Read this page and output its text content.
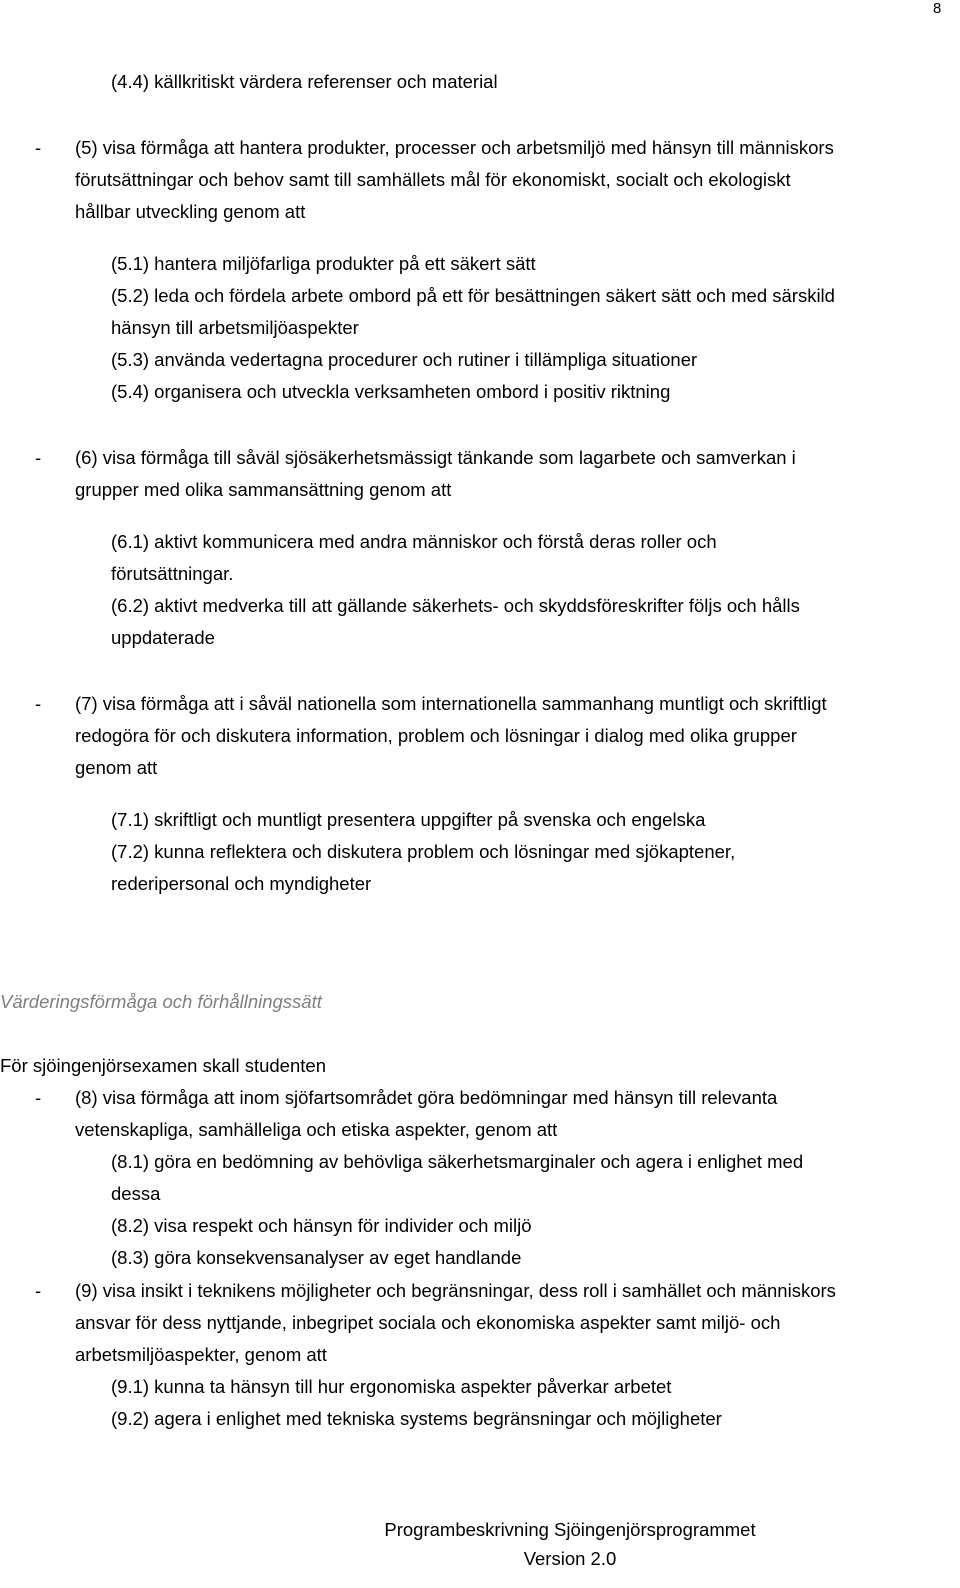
8
(4.4) källkritiskt värdera referenser och material
- (5) visa förmåga att hantera produkter, processer och arbetsmiljö med hänsyn till människors
förutsättningar och behov samt till samhällets mål för ekonomiskt, socialt och ekologiskt
hållbar utveckling genom att
(5.1) hantera miljöfarliga produkter på ett säkert sätt
(5.2) leda och fördela arbete ombord på ett för besättningen säkert sätt och med särskild
hänsyn till arbetsmiljöaspekter
(5.3) använda vedertagna procedurer och rutiner i tillämpliga situationer
(5.4) organisera och utveckla verksamheten ombord i positiv riktning
- (6) visa förmåga till såväl sjösäkerhetsmässigt tänkande som lagarbete och samverkan i
grupper med olika sammansättning genom att
(6.1) aktivt kommunicera med andra människor och förstå deras roller och
förutsättningar.
(6.2) aktivt medverka till att gällande säkerhets- och skyddsföreskrifter följs och hålls
uppdaterade
- (7) visa förmåga att i såväl nationella som internationella sammanhang muntligt och skriftligt
redogöra för och diskutera information, problem och lösningar i dialog med olika grupper
genom att
(7.1) skriftligt och muntligt presentera uppgifter på svenska och engelska
(7.2) kunna reflektera och diskutera problem och lösningar med sjökaptener,
rederipersonal och myndigheter
Värderingsförmåga och förhållningssätt
För sjöingenjörsexamen skall studenten
- (8) visa förmåga att inom sjöfartsområdet göra bedömningar med hänsyn till relevanta
vetenskapliga, samhälleliga och etiska aspekter, genom att
(8.1) göra en bedömning av behövliga säkerhetsmarginaler och agera i enlighet med
dessa
(8.2) visa respekt och hänsyn för individer och miljö
(8.3) göra konsekvensanalyser av eget handlande
- (9) visa insikt i teknikens möjligheter och begränsningar, dess roll i samhället och människors
ansvar för dess nyttjande, inbegripet sociala och ekonomiska aspekter samt miljö- och
arbetsmiljöaspekter, genom att
(9.1) kunna ta hänsyn till hur ergonomiska aspekter påverkar arbetet
(9.2) agera i enlighet med tekniska systems begränsningar och möjligheter
Programbeskrivning Sjöingenjörsprogrammet
Version 2.0
